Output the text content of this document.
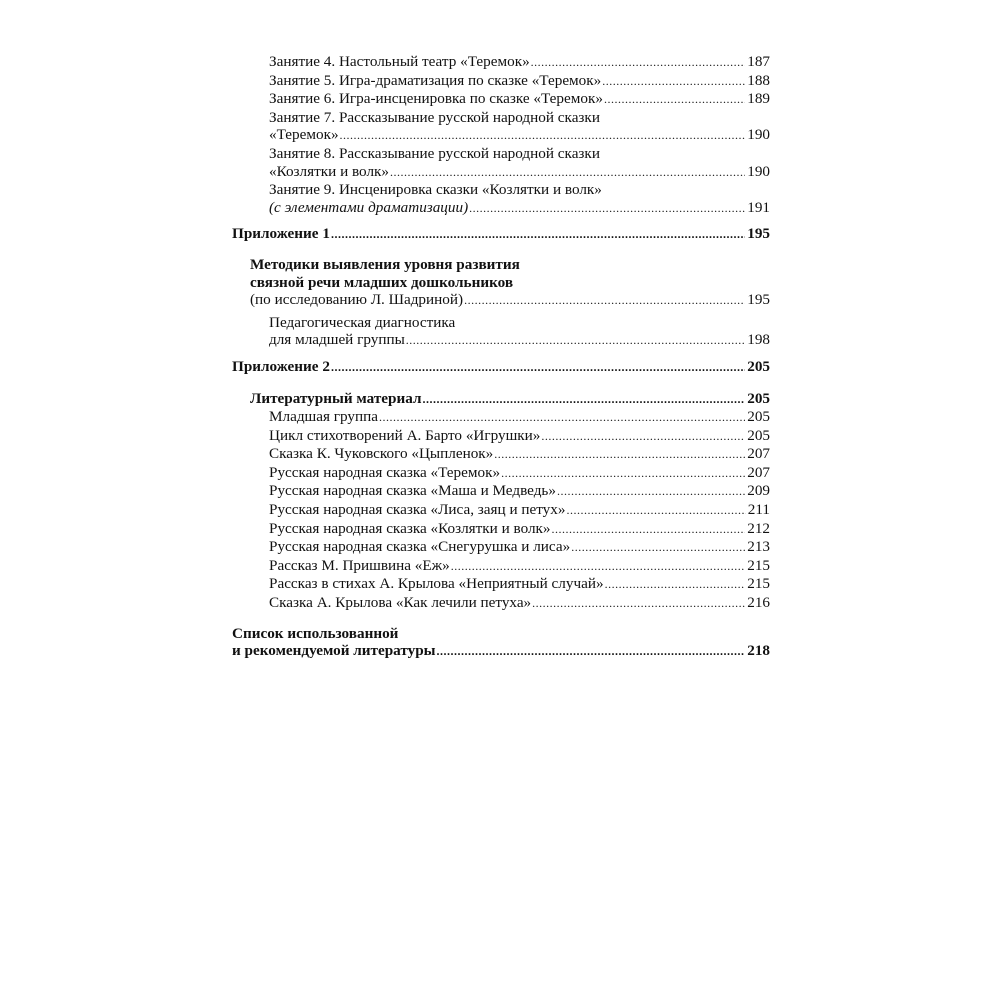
Занятие 4. Настольный театр «Теремок» .....	187
Занятие 5. Игра-драматизация по сказке «Теремок» .....	188
Занятие 6. Игра-инсценировка по сказке «Теремок» .....	189
Занятие 7. Рассказывание русской народной сказки
«Теремок» .....	190
Занятие 8. Рассказывание русской народной сказки
«Козлятки и волк» .....	190
Занятие 9. Инсценировка сказки «Козлятки и волк»
(с элементами драматизации) .....	191
Приложение 1 .....	195
Методики выявления уровня развития
связной речи младших дошкольников
(по исследованию Л. Шадриной) .....	195
Педагогическая диагностика
для младшей группы .....	198
Приложение 2 .....	205
Литературный материал .....	205
Младшая группа .....	205
Цикл стихотворений А. Барто «Игрушки» .....	205
Сказка К. Чуковского «Цыпленок» .....	207
Русская народная сказка «Теремок» .....	207
Русская народная сказка «Маша и Медведь» .....	209
Русская народная сказка «Лиса, заяц и петух» .....	211
Русская народная сказка «Козлятки и волк» .....	212
Русская народная сказка «Снегурушка и лиса» .....	213
Рассказ М. Пришвина «Еж» .....	215
Рассказ в стихах А. Крылова «Неприятный случай» .....	215
Сказка А. Крылова «Как лечили петуха» .....	216
Список использованной
и рекомендуемой литературы .....	218
